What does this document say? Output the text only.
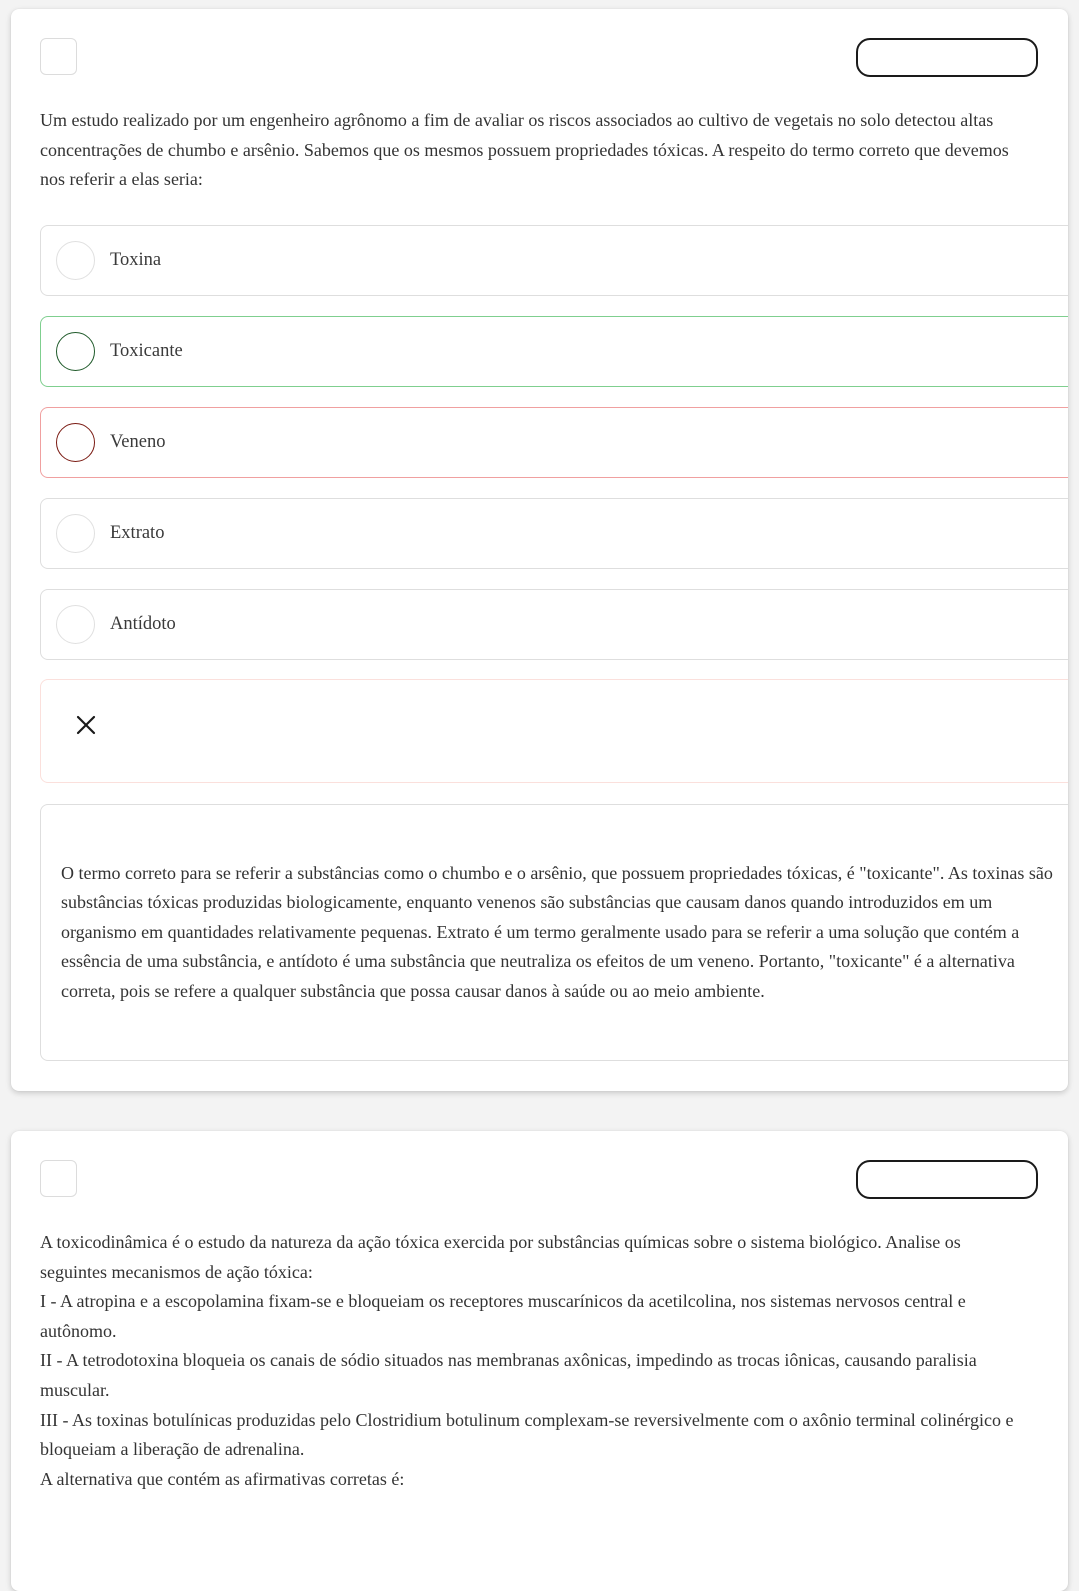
Um estudo realizado por um engenheiro agrônomo a fim de avaliar os riscos associados ao cultivo de vegetais no solo detectou altas concentrações de chumbo e arsênio. Sabemos que os mesmos possuem propriedades tóxicas. A respeito do termo correto que devemos nos referir a elas seria:

Toxina
Toxicante
Veneno
Extrato
Antídoto

O termo correto para se referir a substâncias como o chumbo e o arsênio, que possuem propriedades tóxicas, é "toxicante". As toxinas são substâncias tóxicas produzidas biologicamente, enquanto venenos são substâncias que causam danos quando introduzidos em um organismo em quantidades relativamente pequenas. Extrato é um termo geralmente usado para se referir a uma solução que contém a essência de uma substância, e antídoto é uma substância que neutraliza os efeitos de um veneno. Portanto, "toxicante" é a alternativa correta, pois se refere a qualquer substância que possa causar danos à saúde ou ao meio ambiente.

A toxicodinâmica é o estudo da natureza da ação tóxica exercida por substâncias químicas sobre o sistema biológico. Analise os seguintes mecanismos de ação tóxica:
I - A atropina e a escopolamina fixam-se e bloqueiam os receptores muscarínicos da acetilcolina, nos sistemas nervosos central e autônomo.
II - A tetrodotoxina bloqueia os canais de sódio situados nas membranas axônicas, impedindo as trocas iônicas, causando paralisia muscular.
III - As toxinas botulínicas produzidas pelo Clostridium botulinum complexam-se reversivelmente com o axônio terminal colinérgico e bloqueiam a liberação de adrenalina.
A alternativa que contém as afirmativas corretas é:
